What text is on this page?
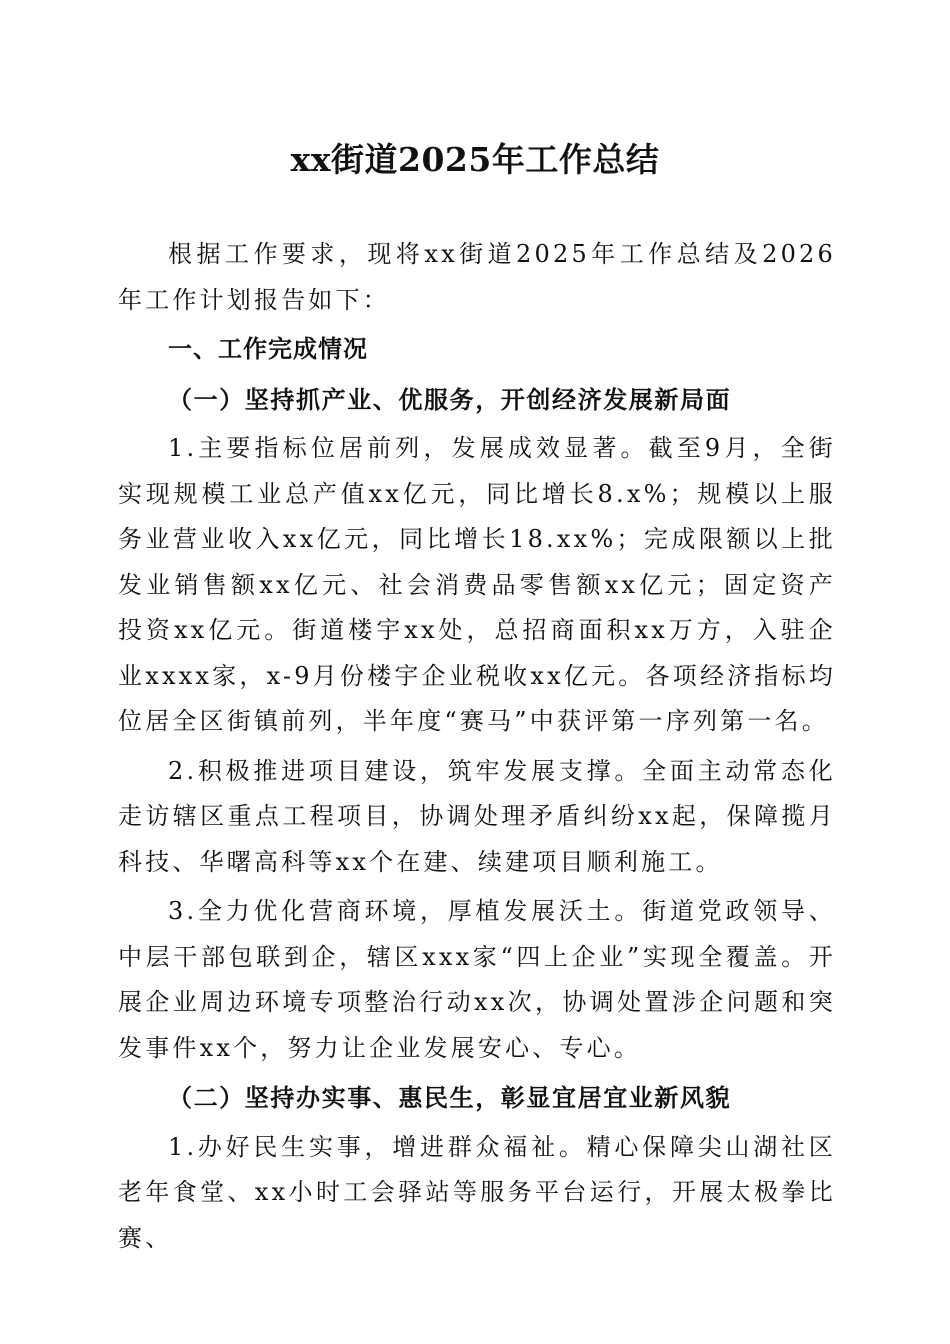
xx街道2025年工作总结

根据工作要求，现将xx街道2025年工作总结及2026年工作计划报告如下：

一、工作完成情况

（一）坚持抓产业、优服务，开创经济发展新局面

1.主要指标位居前列，发展成效显著。截至9月，全街实现规模工业总产值xx亿元，同比增长8.x%；规模以上服务业营业收入xx亿元，同比增长18.xx%；完成限额以上批发业销售额xx亿元、社会消费品零售额xx亿元；固定资产投资xx亿元。街道楼宇xx处，总招商面积xx万方，入驻企业xxxx家，x-9月份楼宇企业税收xx亿元。各项经济指标均位居全区街镇前列，半年度“赛马”中获评第一序列第一名。

2.积极推进项目建设，筑牢发展支撑。全面主动常态化走访辖区重点工程项目，协调处理矛盾纠纷xx起，保障揽月科技、华曙高科等xx个在建、续建项目顺利施工。

3.全力优化营商环境，厚植发展沃土。街道党政领导、中层干部包联到企，辖区xxx家“四上企业”实现全覆盖。开展企业周边环境专项整治行动xx次，协调处置涉企问题和突发事件xx个，努力让企业发展安心、专心。

（二）坚持办实事、惠民生，彰显宜居宜业新风貌

1.办好民生实事，增进群众福祉。精心保障尖山湖社区老年食堂、xx小时工会驿站等服务平台运行，开展太极拳比赛、
